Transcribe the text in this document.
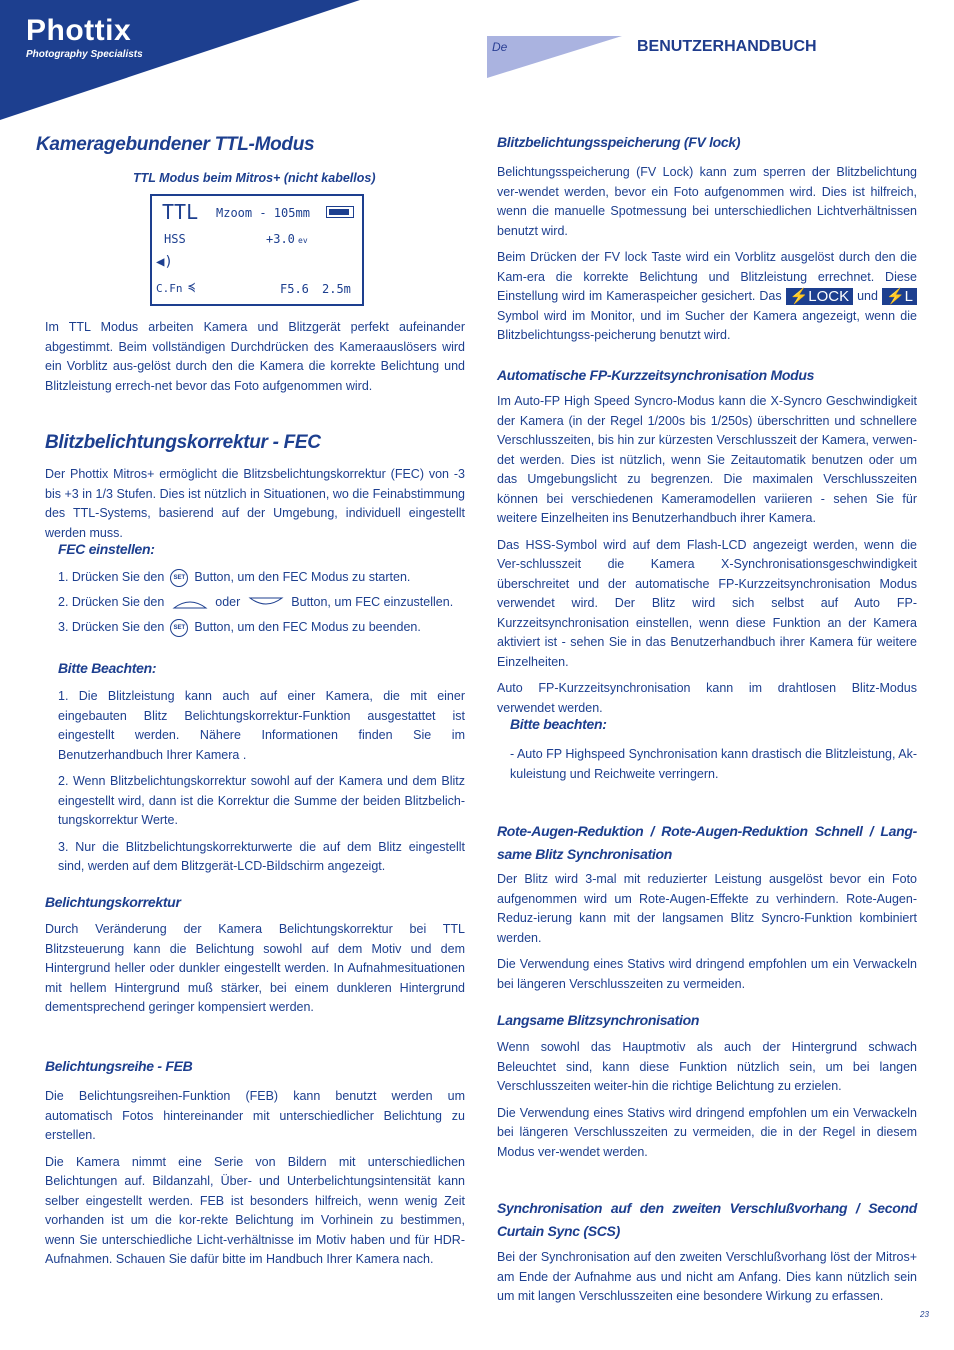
Phottix
Photography Specialists
De	BENUTZERHANDBUCH
Kameragebundener TTL-Modus
TTL Modus beim Mitros+ (nicht kabellos)
TTL Mzoom - 105mm
HSS	+3.0 ev
◀)
C.Fn ≼	F5.6 2.5m

Im TTL Modus arbeiten Kamera und Blitzgerät perfekt aufeinander abgestimmt. Beim vollständigen Durchdrücken des Kameraauslösers wird ein Vorblitz aus-gelöst durch den die Kamera die korrekte Belichtung und Blitzleistung errech-net bevor das Foto aufgenommen wird.

Blitzbelichtungskorrektur - FEC

Der Phottix Mitros+ ermöglicht die Blitzsbelichtungskorrektur (FEC) von -3 bis +3 in 1/3 Stufen. Dies ist nützlich in Situationen, wo die Feinabstimmung des TTL-Systems, basierend auf der Umgebung, individuell eingestellt werden muss.

FEC einstellen:
1. Drücken Sie den SET Button, um den FEC Modus zu starten.
2. Drücken Sie den	oder	Button, um FEC einzustellen.
3. Drücken Sie den SET Button, um den FEC Modus zu beenden.
Bitte Beachten:

1. Die Blitzleistung kann auch auf einer Kamera, die mit einer eingebauten Blitz Belichtungskorrektur-Funktion ausgestattet ist eingestellt werden. Nähere Informationen finden Sie im Benutzerhandbuch Ihrer Kamera .

2. Wenn Blitzbelichtungskorrektur sowohl auf der Kamera und dem Blitz eingestellt wird, dann ist die Korrektur die Summe der beiden Blitzbelich-tungskorrektur Werte.

3. Nur die Blitzbelichtungskorrekturwerte die auf dem Blitz eingestellt sind, werden auf dem Blitzgerät-LCD-Bildschirm angezeigt.

Belichtungskorrektur

Durch Veränderung der Kamera Belichtungskorrektur bei TTL Blitzsteuerung kann die Belichtung sowohl auf dem Motiv und dem Hintergrund heller oder dunkler eingestellt werden. In Aufnahmesituationen mit hellem Hintergrund muß stärker, bei einem dunkleren Hintergrund dementsprechend geringer kompensiert werden.

Belichtungsreihe - FEB

Die Belichtungsreihen-Funktion (FEB) kann benutzt werden um automatisch Fotos hintereinander mit unterschiedlicher Belichtung zu erstellen.

Die Kamera nimmt eine Serie von Bildern mit unterschiedlichen Belichtungen auf. Bildanzahl, Über- und Unterbelichtungsintensität kann selber eingestellt werden. FEB ist besonders hilfreich, wenn wenig Zeit vorhanden ist um die kor-rekte Belichtung im Vorhinein zu bestimmen, wenn Sie unterschiedliche Licht-verhältnisse im Motiv haben und für HDR-Aufnahmen. Schauen Sie dafür bitte im Handbuch Ihrer Kamera nach.

Blitzbelichtungsspeicherung (FV lock)

Belichtungsspeicherung (FV Lock) kann zum sperren der Blitzbelichtung ver-wendet werden, bevor ein Foto aufgenommen wird. Dies ist hilfreich, wenn die manuelle Spotmessung bei unterschiedlichen Lichtverhältnissen benutzt wird.

Beim Drücken der FV lock Taste wird ein Vorblitz ausgelöst durch den die Kam-era die korrekte Belichtung und Blitzleistung errechnet. Diese Einstellung wird im Kameraspeicher gesichert. Das ⚡LOCK und ⚡L Symbol wird im Monitor, und im Sucher der Kamera angezeigt, wenn die Blitzbelichtungss-peicherung benutzt wird.

Automatische FP-Kurzzeitsynchronisation Modus

Im Auto-FP High Speed Syncro-Modus kann die X-Syncro Geschwindigkeit der Kamera (in der Regel 1/200s bis 1/250s) überschritten und schnellere Verschlusszeiten, bis hin zur kürzesten Verschlusszeit der Kamera, verwen-det werden. Dies ist nützlich, wenn Sie Zeitautomatik benutzen oder um das Umgebungslicht zu begrenzen. Die maximalen Verschlusszeiten können bei verschiedenen Kameramodellen variieren - sehen Sie für weitere Einzelheiten ins Benutzerhandbuch ihrer Kamera.

Das HSS-Symbol wird auf dem Flash-LCD angezeigt werden, wenn die Ver-schlusszeit die Kamera X-Synchronisationsgeschwindigkeit überschreitet und der automatische FP-Kurzzeitsynchronisation Modus verwendet wird. Der Blitz wird sich selbst auf Auto FP-Kurzzeitsynchronisation einstellen, wenn diese Funktion an der Kamera aktiviert ist - sehen Sie in das Benutzerhandbuch ihrer Kamera für weitere Einzelheiten.

Auto FP-Kurzzeitsynchronisation kann im drahtlosen Blitz-Modus verwendet werden.

Bitte beachten:

- Auto FP Highspeed Synchronisation kann drastisch die Blitzleistung, Ak-kuleistung und Reichweite verringern.

Rote-Augen-Reduktion / Rote-Augen-Reduktion Schnell / Lang-same Blitz Synchronisation

Der Blitz wird 3-mal mit reduzierter Leistung ausgelöst bevor ein Foto aufgenommen wird um Rote-Augen-Effekte zu verhindern. Rote-Augen-Reduz-ierung kann mit der langsamen Blitz Syncro-Funktion kombiniert werden.

Die Verwendung eines Stativs wird dringend empfohlen um ein Verwackeln bei längeren Verschlusszeiten zu vermeiden.

Langsame Blitzsynchronisation

Wenn sowohl das Hauptmotiv als auch der Hintergrund schwach Beleuchtet sind, kann diese Funktion nützlich sein, um bei langen Verschlusszeiten weiter-hin die richtige Belichtung zu erzielen.

Die Verwendung eines Stativs wird dringend empfohlen um ein Verwackeln bei längeren Verschlusszeiten zu vermeiden, die in der Regel in diesem Modus ver-wendet werden.

Synchronisation auf den zweiten Verschlußvorhang / Second Curtain Sync (SCS)

Bei der Synchronisation auf den zweiten Verschlußvorhang löst der Mitros+ am Ende der Aufnahme aus und nicht am Anfang. Dies kann nützlich sein um mit langen Verschlusszeiten eine besondere Wirkung zu erfassen.

23
